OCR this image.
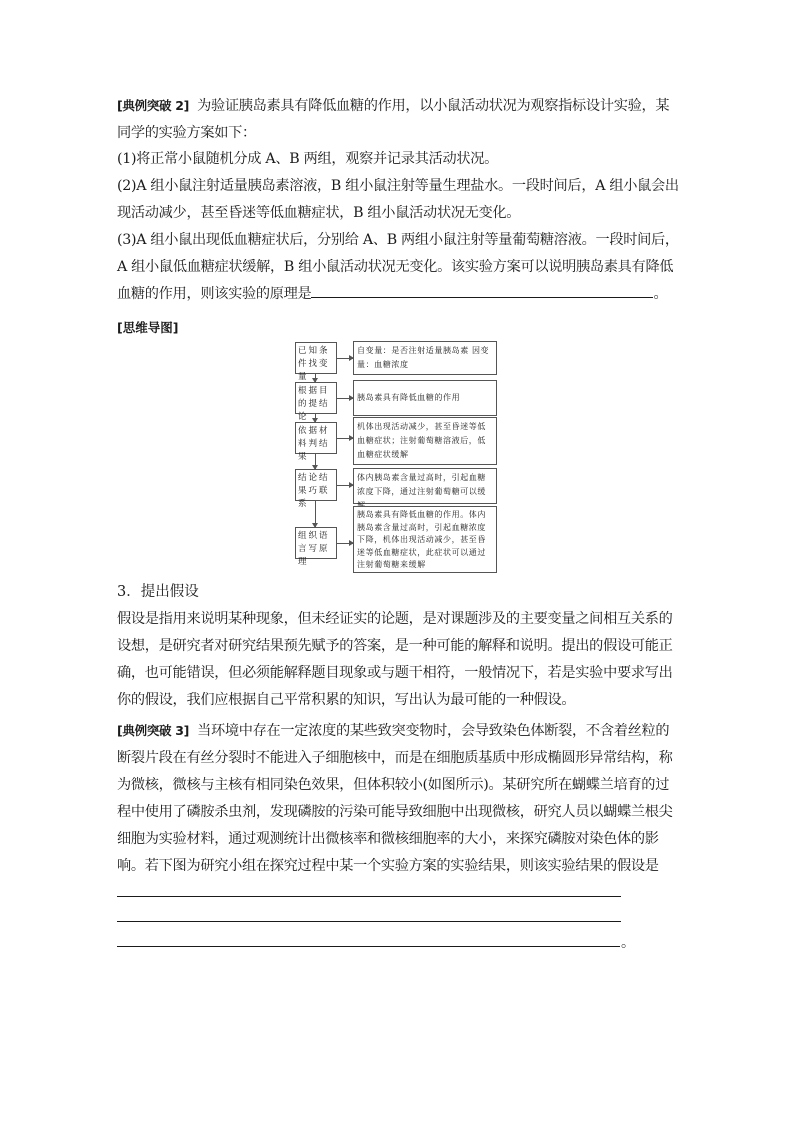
[典例突破 2] 为验证胰岛素具有降低血糖的作用，以小鼠活动状况为观察指标设计实验，某同学的实验方案如下：
(1)将正常小鼠随机分成 A、B 两组，观察并记录其活动状况。
(2)A 组小鼠注射适量胰岛素溶液，B 组小鼠注射等量生理盐水。一段时间后，A 组小鼠会出现活动减少，甚至昏迷等低血糖症状，B 组小鼠活动状况无变化。
(3)A 组小鼠出现低血糖症状后，分别给 A、B 两组小鼠注射等量葡萄糖溶液。一段时间后，A 组小鼠低血糖症状缓解，B 组小鼠活动状况无变化。该实验方案可以说明胰岛素具有降低血糖的作用，则该实验的原理是	。
[思维导图]
已知条件找变量
自变量：是否注射适量胰岛素 因变量：血糖浓度
根据目的提结论
胰岛素具有降低血糖的作用
依据材料判结果
机体出现活动减少，甚至昏迷等低血糖症状；注射葡萄糖溶液后，低血糖症状缓解
结论结果巧联系
体内胰岛素含量过高时，引起血糖浓度下降，通过注射葡萄糖可以缓
组织语言写原理
胰岛素具有降低血糖的作用。体内胰岛素含量过高时，引起血糖浓度下降，机体出现活动减少，甚至昏迷等低血糖症状，此症状可以通过注射葡萄糖来缓解
3．提出假设
假设是指用来说明某种现象，但未经证实的论题，是对课题涉及的主要变量之间相互关系的设想，是研究者对研究结果预先赋予的答案，是一种可能的解释和说明。提出的假设可能正确，也可能错误，但必须能解释题目现象或与题干相符，一般情况下，若是实验中要求写出你的假设，我们应根据自己平常积累的知识，写出认为最可能的一种假设。
[典例突破 3] 当环境中存在一定浓度的某些致突变物时，会导致染色体断裂，不含着丝粒的断裂片段在有丝分裂时不能进入子细胞核中，而是在细胞质基质中形成椭圆形异常结构，称为微核，微核与主核有相同染色效果，但体积较小(如图所示)。某研究所在蝴蝶兰培育的过程中使用了磷胺杀虫剂，发现磷胺的污染可能导致细胞中出现微核，研究人员以蝴蝶兰根尖细胞为实验材料，通过观测统计出微核率和微核细胞率的大小，来探究磷胺对染色体的影响。若下图为研究小组在探究过程中某一个实验方案的实验结果，则该实验结果的假设是
。
